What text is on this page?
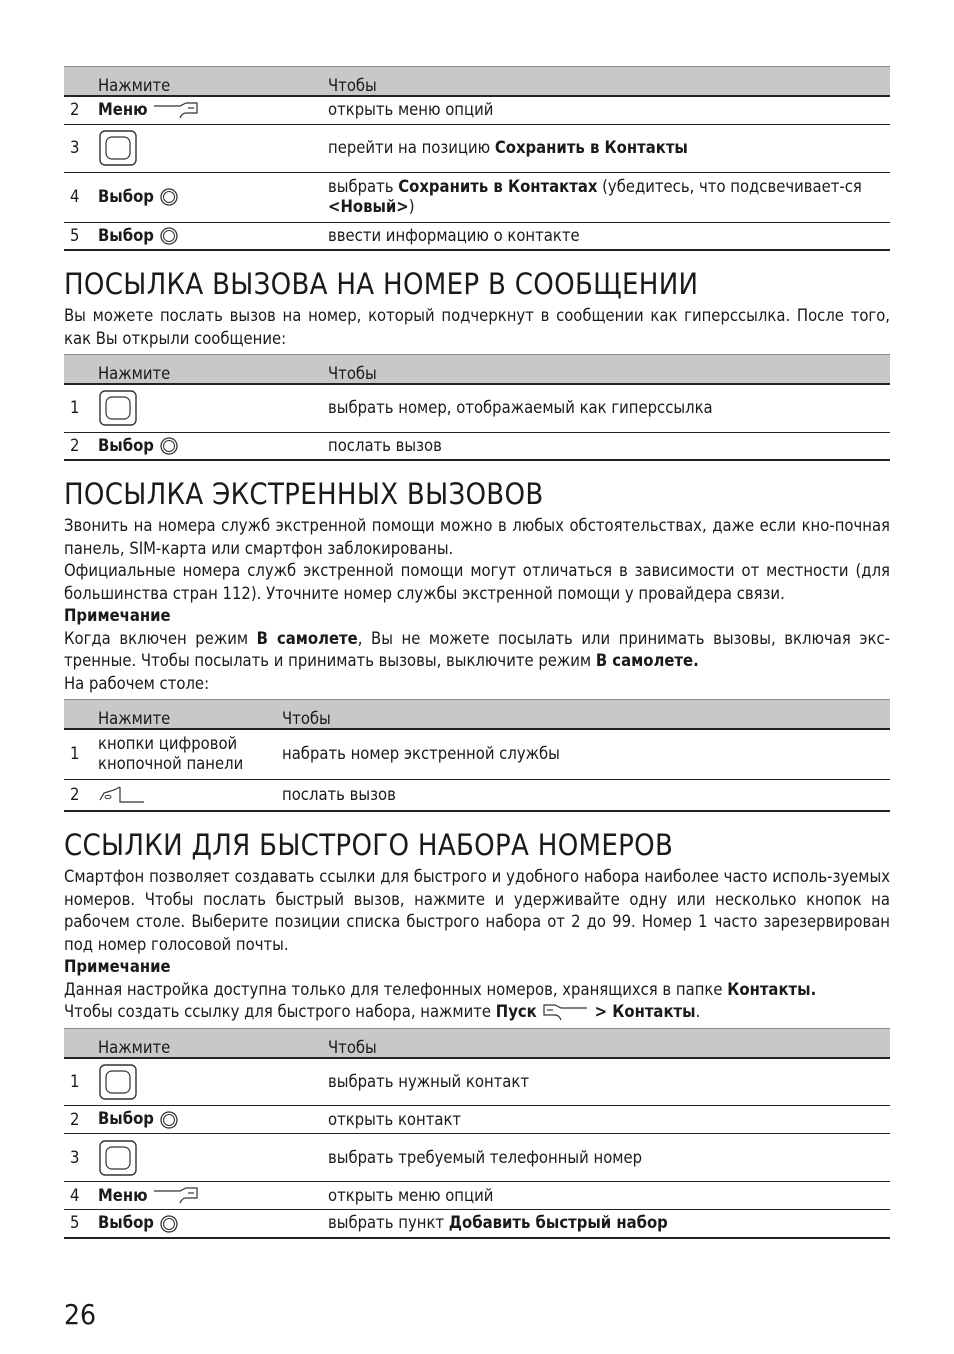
	Нажмите	Чтобы
2	Меню	открыть меню опций
3		перейти на позицию Сохранить в Контакты
4	Выбор	выбрать Сохранить в Контактах (убедитесь, что подсвечивает-ся <Новый>)
5	Выбор	ввести информацию о контакте
ПОСЫЛКА ВЫЗОВА НА НОМЕР В СООБЩЕНИИ

Вы можете послать вызов на номер, который подчеркнут в сообщении как гиперссылка. После того, как Вы открыли сообщение:

	Нажмите	Чтобы
1		выбрать номер, отображаемый как гиперссылка
2	Выбор	послать вызов
ПОСЫЛКА ЭКСТРЕННЫХ ВЫЗОВОВ

Звонить на номера служб экстренной помощи можно в любых обстоятельствах, даже если кно-почная панель, SIM-карта или смартфон заблокированы.

Официальные номера служб экстренной помощи могут отличаться в зависимости от местности (для большинства стран 112). Уточните номер службы экстренной помощи у провайдера связи.

Примечание

Когда включен режим В самолете, Вы не можете посылать или принимать вызовы, включая экс-тренные. Чтобы посылать и принимать вызовы, выключите режим В самолете.

На рабочем столе:

	Нажмите	Чтобы
1	кнопки цифровой
кнопочной панели	набрать номер экстренной службы
2		послать вызов
ССЫЛКИ ДЛЯ БЫСТРОГО НАБОРА НОМЕРОВ

Смартфон позволяет создавать ссылки для быстрого и удобного набора наиболее часто исполь-зуемых номеров. Чтобы послать быстрый вызов, нажмите и удерживайте одну или несколько кнопок на рабочем столе. Выберите позиции списка быстрого набора от 2 до 99. Номер 1 часто зарезервирован под номер голосовой почты.

Примечание

Данная настройка доступна только для телефонных номеров, хранящихся в папке Контакты.

Чтобы создать ссылку для быстрого набора, нажмите Пуск	> Контакты.

	Нажмите	Чтобы
1		выбрать нужный контакт
2	Выбор	открыть контакт
3		выбрать требуемый телефонный номер
4	Меню	открыть меню опций
5	Выбор	выбрать пункт Добавить быстрый набор
26
